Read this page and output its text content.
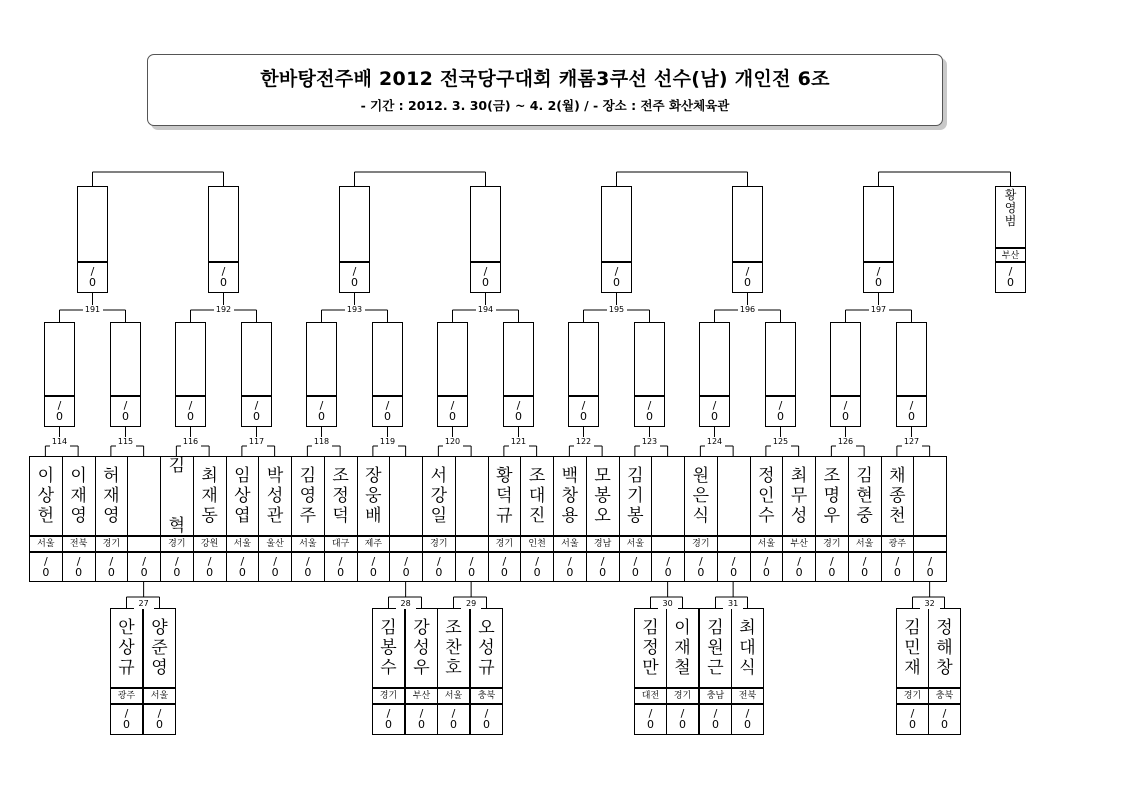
한바탕전주배 2012 전국당구대회 캐롬3쿠선 선수(남) 개인전 6조
- 기간 : 2012. 3. 30(금) ~ 4. 2(월) / - 장소 : 전주 화산체육관
이
상
헌
서울
/
0
이
재
영
전북
/
0
허
재
영
경기
/
0
/
0
김

혁
경기
/
0
최
재
동
강원
/
0
임
상
엽
서울
/
0
박
성
관
울산
/
0
김
영
주
서울
/
0
조
정
덕
대구
/
0
장
웅
배
제주
/
0
/
0
서
강
일
경기
/
0
/
0
황
덕
규
경기
/
0
조
대
진
인천
/
0
백
창
용
서울
/
0
모
봉
오
경남
/
0
김
기
봉
서울
/
0
/
0
원
은
식
경기
/
0
/
0
정
인
수
서울
/
0
최
무
성
부산
/
0
조
명
우
경기
/
0
김
현
중
서울
/
0
채
종
천
광주
/
0
/
0
/
0
114
/
0
115
/
0
116
/
0
117
/
0
118
/
0
119
/
0
120
/
0
121
/
0
122
/
0
123
/
0
124
/
0
125
/
0
126
/
0
127
/
0
191
/
0
192
/
0
193
/
0
194
/
0
195
/
0
196
/
0
197
황
영
범
부산
/
0
안
상
규
광주
/
0
양
준
영
서울
/
0
27
김
봉
수
경기
/
0
강
성
우
부산
/
0
28
조
찬
호
서울
/
0
오
성
규
충북
/
0
29
김
정
만
대전
/
0
이
재
철
경기
/
0
30
김
원
근
충남
/
0
최
대
식
전북
/
0
31
김
민
재
경기
/
0
정
해
창
충북
/
0
32
